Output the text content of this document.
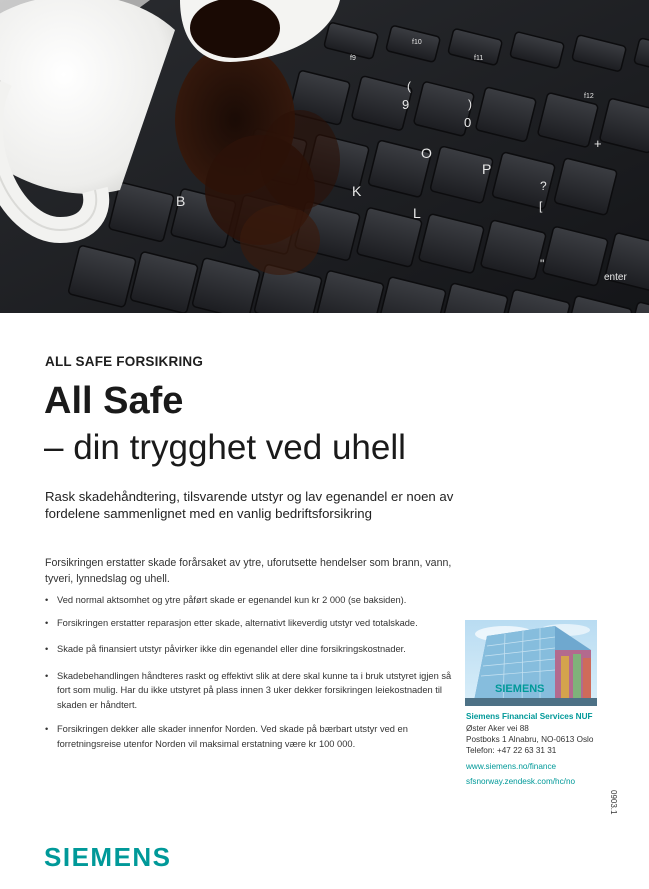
B
K
L
O
P
9
(
0
)
+
?
[
"
enter
f9
f10
f11
f12
ALL SAFE FORSIKRING
All Safe
– din trygghet ved uhell

Rask skadehåndtering, tilsvarende utstyr og lav egenandel er noen av fordelene sammenlignet med en vanlig bedriftsforsikring

Forsikringen erstatter skade forårsaket av ytre, uforutsette hendelser som brann, vann, tyveri, lynnedslag og uhell.

• Ved normal aktsomhet og ytre påført skade er egenandel kun kr 2 000 (se baksiden).
• Forsikringen erstatter reparasjon etter skade, alternativt likeverdig utstyr ved totalskade.
• Skade på finansiert utstyr påvirker ikke din egenandel eller dine forsikringskostnader.
• Skadebehandlingen håndteres raskt og effektivt slik at dere skal kunne ta i bruk utstyret igjen så fort som mulig. Har du ikke utstyret på plass innen 3 uker dekker forsikringen leiekostnaden til skaden er håndtert.
• Forsikringen dekker alle skader innenfor Norden. Ved skade på bærbart utstyr ved en forretningsreise utenfor Norden vil maksimal erstatning være kr 100 000.
SIEMENS
Siemens Financial Services NUF
Øster Aker vei 88
Postboks 1 Alnabru, NO-0613 Oslo
Telefon: +47 22 63 31 31
www.siemens.no/finance
sfsnorway.zendesk.com/hc/no
0903.1
SIEMENS
